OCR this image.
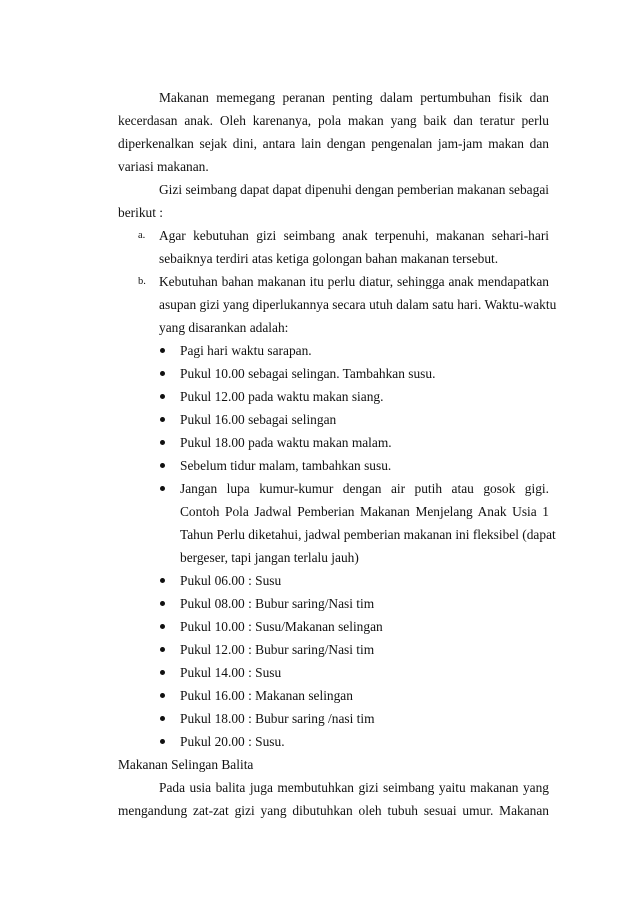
Makanan memegang peranan penting dalam pertumbuhan fisik dan
kecerdasan anak. Oleh karenanya, pola makan yang baik dan teratur perlu
diperkenalkan sejak dini, antara lain dengan pengenalan jam-jam makan dan
variasi makanan.
Gizi seimbang dapat dapat dipenuhi dengan pemberian makanan sebagai
berikut :
a. Agar kebutuhan gizi seimbang anak terpenuhi, makanan sehari-hari
sebaiknya terdiri atas ketiga golongan bahan makanan tersebut.
b. Kebutuhan bahan makanan itu perlu diatur, sehingga anak mendapatkan
asupan gizi yang diperlukannya secara utuh dalam satu hari. Waktu-waktu
yang disarankan adalah:
Pagi hari waktu sarapan.
Pukul 10.00 sebagai selingan. Tambahkan susu.
Pukul 12.00 pada waktu makan siang.
Pukul 16.00 sebagai selingan
Pukul 18.00 pada waktu makan malam.
Sebelum tidur malam, tambahkan susu.
Jangan lupa kumur-kumur dengan air putih atau gosok gigi.
Contoh Pola Jadwal Pemberian Makanan Menjelang Anak Usia 1
Tahun Perlu diketahui, jadwal pemberian makanan ini fleksibel (dapat
bergeser, tapi jangan terlalu jauh)
Pukul 06.00 : Susu
Pukul 08.00 : Bubur saring/Nasi tim
Pukul 10.00 : Susu/Makanan selingan
Pukul 12.00 : Bubur saring/Nasi tim
Pukul 14.00 : Susu
Pukul 16.00 : Makanan selingan
Pukul 18.00 : Bubur saring /nasi tim
Pukul 20.00 : Susu.
Makanan Selingan Balita
Pada usia balita juga membutuhkan gizi seimbang yaitu makanan yang
mengandung zat-zat gizi yang dibutuhkan oleh tubuh sesuai umur. Makanan
